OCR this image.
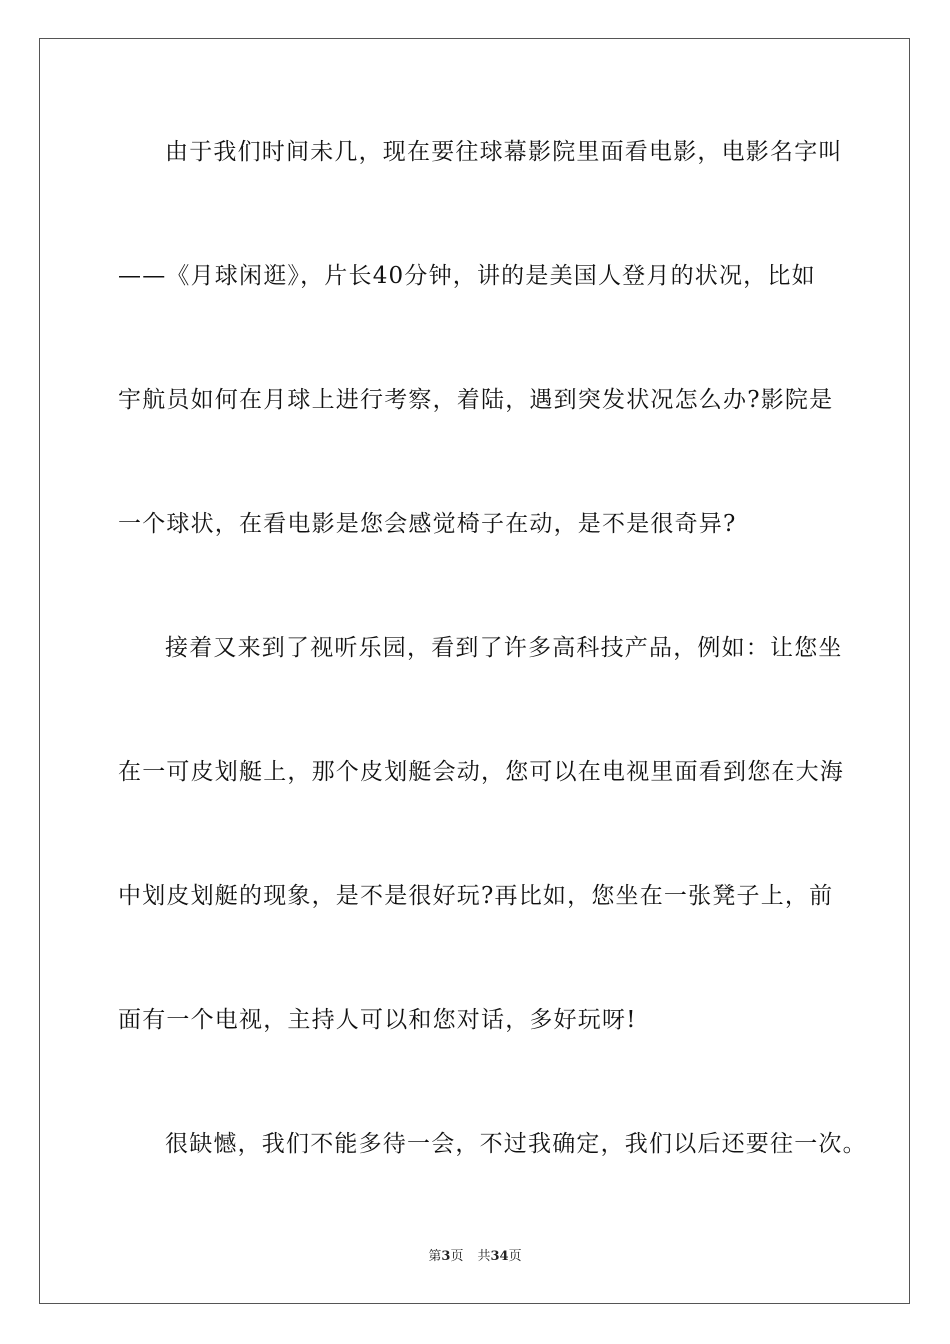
由于我们时间未几，现在要往球幕影院里面看电影，电影名字叫
——《月球闲逛》，片长40分钟，讲的是美国人登月的状况，比如
宇航员如何在月球上进行考察，着陆，遇到突发状况怎么办?影院是
一个球状，在看电影是您会感觉椅子在动，是不是很奇异?
接着又来到了视听乐园，看到了许多高科技产品，例如：让您坐
在一可皮划艇上，那个皮划艇会动，您可以在电视里面看到您在大海
中划皮划艇的现象，是不是很好玩?再比如，您坐在一张凳子上，前
面有一个电视，主持人可以和您对话，多好玩呀!
很缺憾，我们不能多待一会，不过我确定，我们以后还要往一次。
第3页 共34页
